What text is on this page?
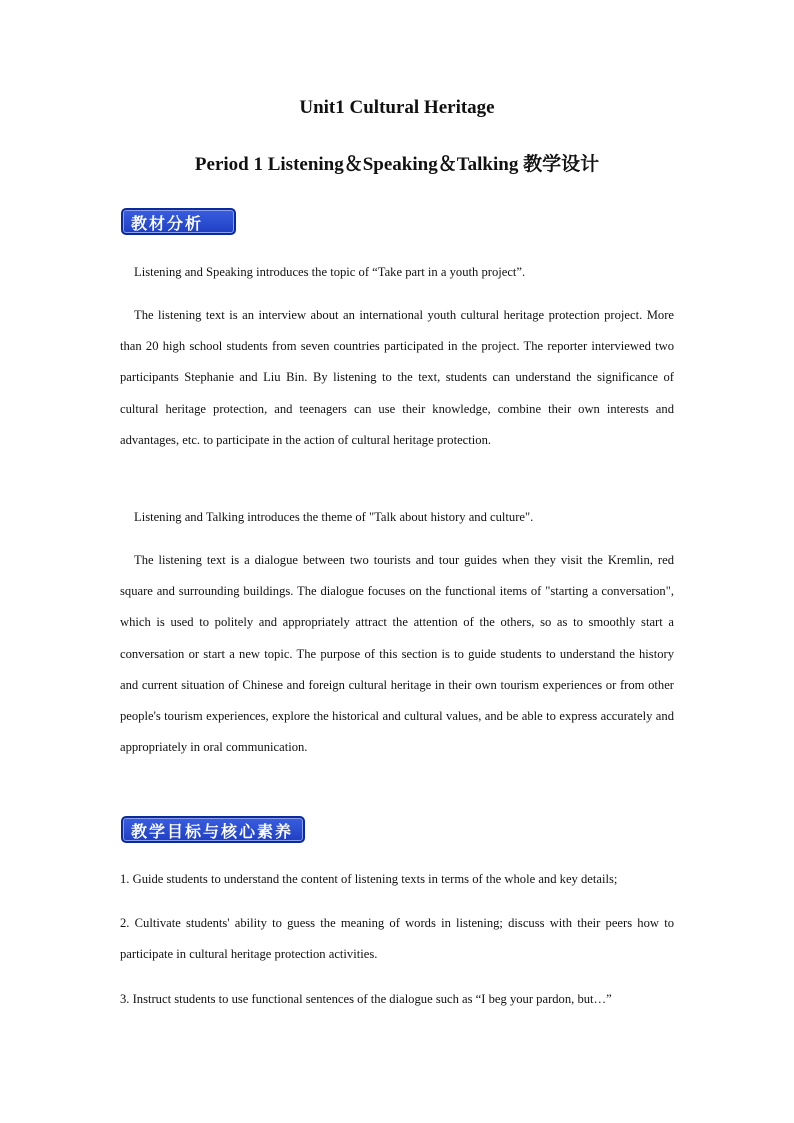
Unit1 Cultural Heritage
Period 1 Listening＆Speaking＆Talking 教学设计
教材分析

Listening and Speaking introduces the topic of “Take part in a youth project”.

The listening text is an interview about an international youth cultural heritage protection project. More than 20 high school students from seven countries participated in the project. The reporter interviewed two participants Stephanie and Liu Bin. By listening to the text, students can understand the significance of cultural heritage protection, and teenagers can use their knowledge, combine their own interests and advantages, etc. to participate in the action of cultural heritage protection.

Listening and Talking introduces the theme of "Talk about history and culture".

The listening text is a dialogue between two tourists and tour guides when they visit the Kremlin, red square and surrounding buildings. The dialogue focuses on the functional items of "starting a conversation", which is used to politely and appropriately attract the attention of the others, so as to smoothly start a conversation or start a new topic. The purpose of this section is to guide students to understand the history and current situation of Chinese and foreign cultural heritage in their own tourism experiences or from other people's tourism experiences, explore the historical and cultural values, and be able to express accurately and appropriately in oral communication.

教学目标与核心素养

1. Guide students to understand the content of listening texts in terms of the whole and key details;

2. Cultivate students' ability to guess the meaning of words in listening; discuss with their peers how to participate in cultural heritage protection activities.

3. Instruct students to use functional sentences of the dialogue such as “I beg your pardon, but…”
